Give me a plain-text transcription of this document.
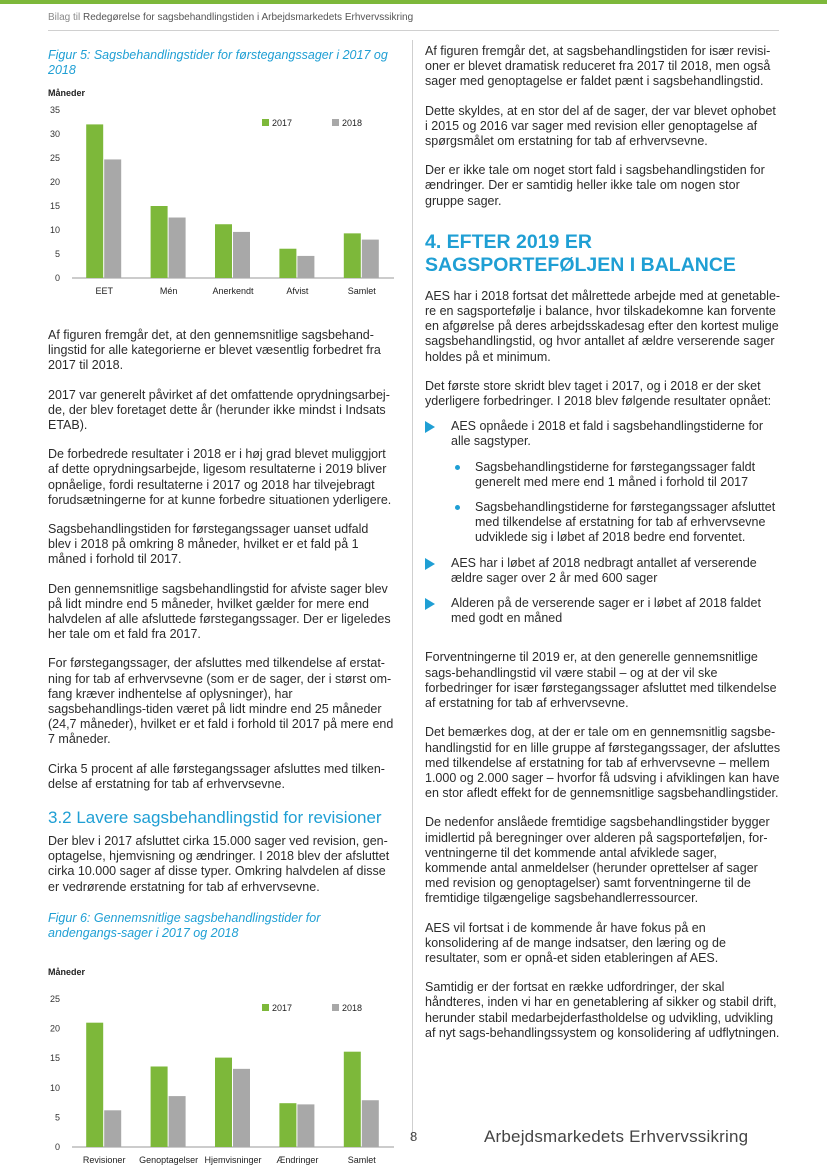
Bilag til Redegørelse for sagsbehandlingstiden i Arbejdsmarkedets Erhvervssikring

Figur 5: Sagsbehandlingstider for førstegangssager i 2017 og 2018

Måneder
0
5
10
15
20
25
30
35
EET	Mén	Anerkendt	Afvist	Samlet
2017	2018

Af figuren fremgår det, at den gennemsnitlige sagsbehand-lingstid for alle kategorierne er blevet væsentlig forbedret fra 2017 til 2018.

2017 var generelt påvirket af det omfattende oprydningsarbej-de, der blev foretaget dette år (herunder ikke mindst i Indsats ETAB).

De forbedrede resultater i 2018 er i høj grad blevet muliggjort af dette oprydningsarbejde, ligesom resultaterne i 2019 bliver opnåelige, fordi resultaterne i 2017 og 2018 har tilvejebragt forudsætningerne for at kunne forbedre situationen yderligere.

Sagsbehandlingstiden for førstegangssager uanset udfald blev i 2018 på omkring 8 måneder, hvilket er et fald på 1 måned i forhold til 2017.

Den gennemsnitlige sagsbehandlingstid for afviste sager blev på lidt mindre end 5 måneder, hvilket gælder for mere end halvdelen af alle afsluttede førstegangssager. Der er ligeledes her tale om et fald fra 2017.

For førstegangssager, der afsluttes med tilkendelse af erstat-ning for tab af erhvervsevne (som er de sager, der i størst om-fang kræver indhentelse af oplysninger), har sagsbehandlings-tiden været på lidt mindre end 25 måneder (24,7 måneder), hvilket er et fald i forhold til 2017 på mere end 7 måneder.

Cirka 5 procent af alle førstegangssager afsluttes med tilken-delse af erstatning for tab af erhvervsevne.

3.2 Lavere sagsbehandlingstid for revisioner

Der blev i 2017 afsluttet cirka 15.000 sager ved revision, gen-optagelse, hjemvisning og ændringer. I 2018 blev der afsluttet cirka 10.000 sager af disse typer. Omkring halvdelen af disse er vedrørende erstatning for tab af erhvervsevne.

Figur 6: Gennemsnitlige sagsbehandlingstider for andengangs-sager i 2017 og 2018

Måneder
0
5
10
15
20
25
Revisioner Genoptagelser Hjemvisninger Ændringer	Samlet
2017	2018

Af figuren fremgår det, at sagsbehandlingstiden for især revisi-oner er blevet dramatisk reduceret fra 2017 til 2018, men også sager med genoptagelse er faldet pænt i sagsbehandlingstid.

Dette skyldes, at en stor del af de sager, der var blevet ophobet i 2015 og 2016 var sager med revision eller genoptagelse af spørgsmålet om erstatning for tab af erhvervsevne.

Der er ikke tale om noget stort fald i sagsbehandlingstiden for ændringer. Der er samtidig heller ikke tale om nogen stor gruppe sager.

4. EFTER 2019 ER
SAGSPORTEFØLJEN I BALANCE

AES har i 2018 fortsat det målrettede arbejde med at genetable-re en sagsportefølje i balance, hvor tilskadekomne kan forvente en afgørelse på deres arbejdsskadesag efter den kortest mulige sagsbehandlingstid, og hvor antallet af ældre verserende sager holdes på et minimum.

Det første store skridt blev taget i 2017, og i 2018 er der sket yderligere forbedringer. I 2018 blev følgende resultater opnået:

AES opnåede i 2018 et fald i sagsbehandlingstiderne for alle sagstyper.
Sagsbehandlingstiderne for førstegangssager faldt generelt med mere end 1 måned i forhold til 2017
Sagsbehandlingstiderne for førstegangssager afsluttet med tilkendelse af erstatning for tab af erhvervsevne udviklede sig i løbet af 2018 bedre end forventet.
AES har i løbet af 2018 nedbragt antallet af verserende ældre sager over 2 år med 600 sager
Alderen på de verserende sager er i løbet af 2018 faldet med godt en måned

Forventningerne til 2019 er, at den generelle gennemsnitlige sags-behandlingstid vil være stabil – og at der vil ske forbedringer for især førstegangssager afsluttet med tilkendelse af erstatning for tab af erhvervsevne.

Det bemærkes dog, at der er tale om en gennemsnitlig sagsbe-handlingstid for en lille gruppe af førstegangssager, der afsluttes med tilkendelse af erstatning for tab af erhvervsevne – mellem 1.000 og 2.000 sager – hvorfor få udsving i afviklingen kan have en stor afledt effekt for de gennemsnitlige sagsbehandlingstider.

De nedenfor anslåede fremtidige sagsbehandlingstider bygger imidlertid på beregninger over alderen på sagsporteføljen, for-ventningerne til det kommende antal afviklede sager, kommende antal anmeldelser (herunder oprettelser af sager med revision og genoptagelser) samt forventningerne til de fremtidige tilgængelige sagsbehandlerressourcer.

AES vil fortsat i de kommende år have fokus på en konsolidering af de mange indsatser, den læring og de resultater, som er opnå-et siden etableringen af AES.

Samtidig er der fortsat en række udfordringer, der skal håndteres, inden vi har en genetablering af sikker og stabil drift, herunder stabil medarbejderfastholdelse og udvikling, udvikling af nyt sags-behandlingssystem og konsolidering af udflytningen.

8	Arbejdsmarkedets Erhvervssikring
